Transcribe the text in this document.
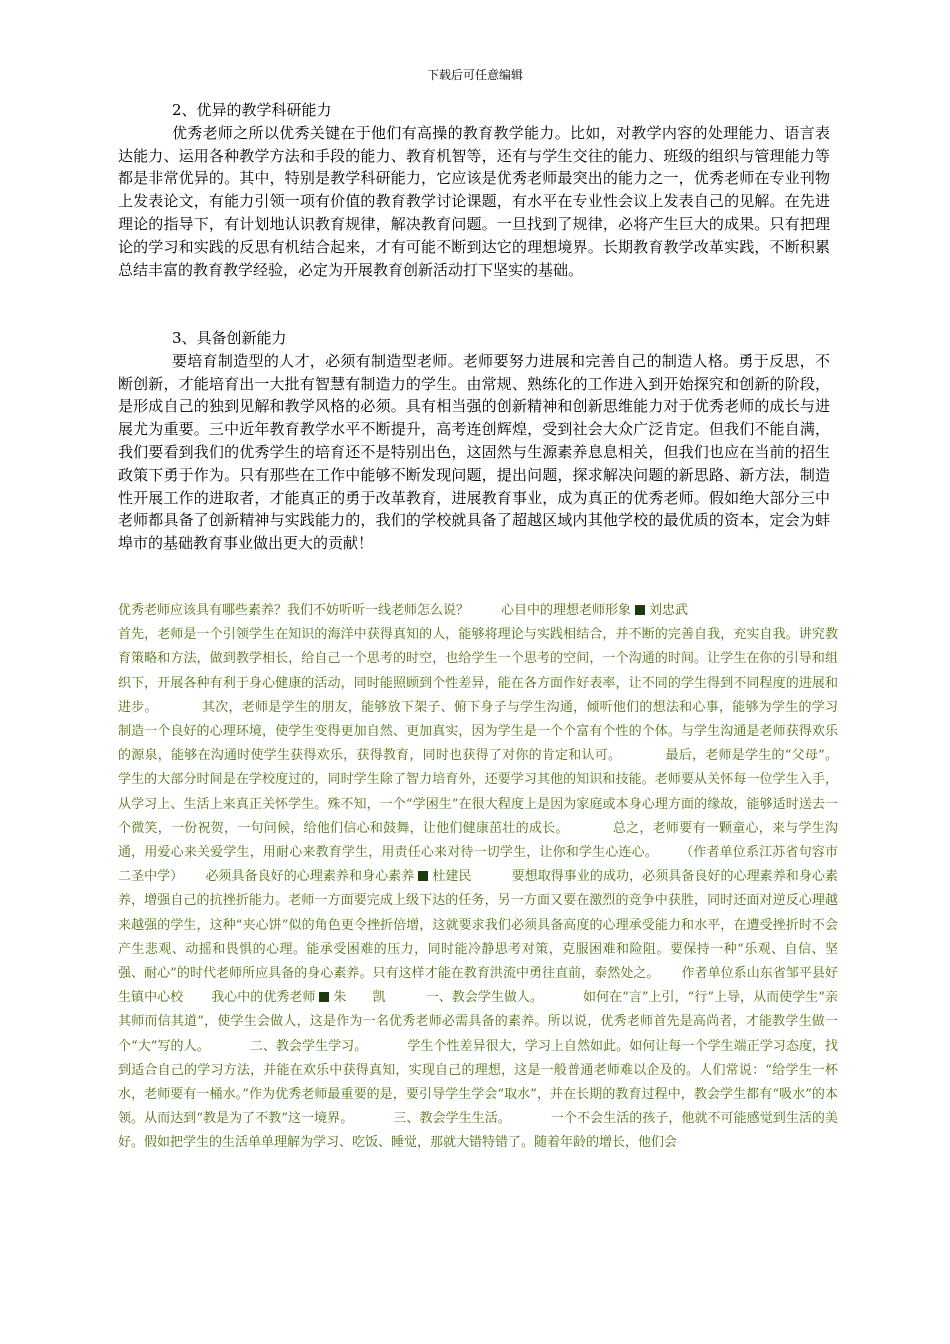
下载后可任意编辑

2、优异的教学科研能力

优秀老师之所以优秀关键在于他们有高操的教育教学能力。比如，对教学内容的处理能力、语言表达能力、运用各种教学方法和手段的能力、教育机智等，还有与学生交往的能力、班级的组织与管理能力等都是非常优异的。其中，特别是教学科研能力，它应该是优秀老师最突出的能力之一，优秀老师在专业刊物上发表论文，有能力引领一项有价值的教育教学讨论课题，有水平在专业性会议上发表自己的见解。在先进理论的指导下，有计划地认识教育规律，解决教育问题。一旦找到了规律，必将产生巨大的成果。只有把理论的学习和实践的反思有机结合起来，才有可能不断到达它的理想境界。长期教育教学改革实践，不断积累总结丰富的教育教学经验，必定为开展教育创新活动打下坚实的基础。

3、具备创新能力

要培育制造型的人才，必须有制造型老师。老师要努力进展和完善自己的制造人格。勇于反思，不断创新，才能培育出一大批有智慧有制造力的学生。由常规、熟练化的工作进入到开始探究和创新的阶段，是形成自己的独到见解和教学风格的必须。具有相当强的创新精神和创新思维能力对于优秀老师的成长与进展尤为重要。三中近年教育教学水平不断提升，高考连创辉煌，受到社会大众广泛肯定。但我们不能自满，我们要看到我们的优秀学生的培育还不是特别出色，这固然与生源素养息息相关，但我们也应在当前的招生政策下勇于作为。只有那些在工作中能够不断发现问题，提出问题，探求解决问题的新思路、新方法，制造性开展工作的进取者，才能真正的勇于改革教育，进展教育事业，成为真正的优秀老师。假如绝大部分三中老师都具备了创新精神与实践能力的，我们的学校就具备了超越区域内其他学校的最优质的资本，定会为蚌埠市的基础教育事业做出更大的贡献！

优秀老师应该具有哪些素养？我们不妨听听一线老师怎么说？ 心目中的理想老师形象 刘忠武
首先，老师是一个引领学生在知识的海洋中获得真知的人，能够将理论与实践相结合，并不断的完善自我，充实自我。讲究教育策略和方法，做到教学相长，给自己一个思考的时空，也给学生一个思考的空间，一个沟通的时间。让学生在你的引导和组织下，开展各种有利于身心健康的活动，同时能照顾到个性差异，能在各方面作好表率，让不同的学生得到不同程度的进展和进步。	其次，老师是学生的朋友，能够放下架子、俯下身子与学生沟通，倾听他们的想法和心事，能够为学生的学习制造一个良好的心理环境，使学生变得更加自然、更加真实，因为学生是一个个富有个性的个体。与学生沟通是老师获得欢乐的源泉，能够在沟通时使学生获得欢乐，获得教育，同时也获得了对你的肯定和认可。	最后，老师是学生的“父母”。学生的大部分时间是在学校度过的，同时学生除了智力培育外，还要学习其他的知识和技能。老师要从关怀每一位学生入手，从学习上、生活上来真正关怀学生。殊不知，一个“学困生”在很大程度上是因为家庭或本身心理方面的缘故，能够适时送去一个微笑，一份祝贺，一句问候，给他们信心和鼓舞，让他们健康茁壮的成长。	总之，老师要有一颗童心，来与学生沟通，用爱心来关爱学生，用耐心来教育学生，用责任心来对待一切学生，让你和学生心连心。 （作者单位系江苏省句容市二圣中学） 必须具备良好的心理素养和身心素养 杜建民	要想取得事业的成功，必须具备良好的心理素养和身心素养，增强自己的抗挫折能力。老师一方面要完成上级下达的任务，另一方面又要在激烈的竞争中获胜，同时还面对逆反心理越来越强的学生，这种“夹心饼”似的角色更令挫折倍增，这就要求我们必须具备高度的心理承受能力和水平，在遭受挫折时不会产生悲观、动摇和畏惧的心理。能承受困难的压力，同时能冷静思考对策，克服困难和险阻。要保持一种“乐观、自信、坚强、耐心”的时代老师所应具备的身心素养。只有这样才能在教育洪流中勇往直前，泰然处之。 作者单位系山东省邹平县好生镇中心校 我心中的优秀老师 朱　　凯	一、教会学生做人。	如何在“言”上引，“行”上导，从而使学生“亲其师而信其道”，使学生会做人，这是作为一名优秀老师必需具备的素养。所以说，优秀老师首先是高尚者，才能教学生做一个“大”写的人。	二、教会学生学习。	学生个性差异很大，学习上自然如此。如何让每一个学生端正学习态度，找到适合自己的学习方法，并能在欢乐中获得真知，实现自己的理想，这是一般普通老师难以企及的。人们常说：“给学生一杯水，老师要有一桶水。”作为优秀老师最重要的是，要引导学生学会“取水”，并在长期的教育过程中，教会学生都有“吸水”的本领。从而达到“教是为了不教”这一境界。	三、教会学生生活。	一个不会生活的孩子，他就不可能感觉到生活的美好。假如把学生的生活单单理解为学习、吃饭、睡觉，那就大错特错了。随着年龄的增长，他们会
